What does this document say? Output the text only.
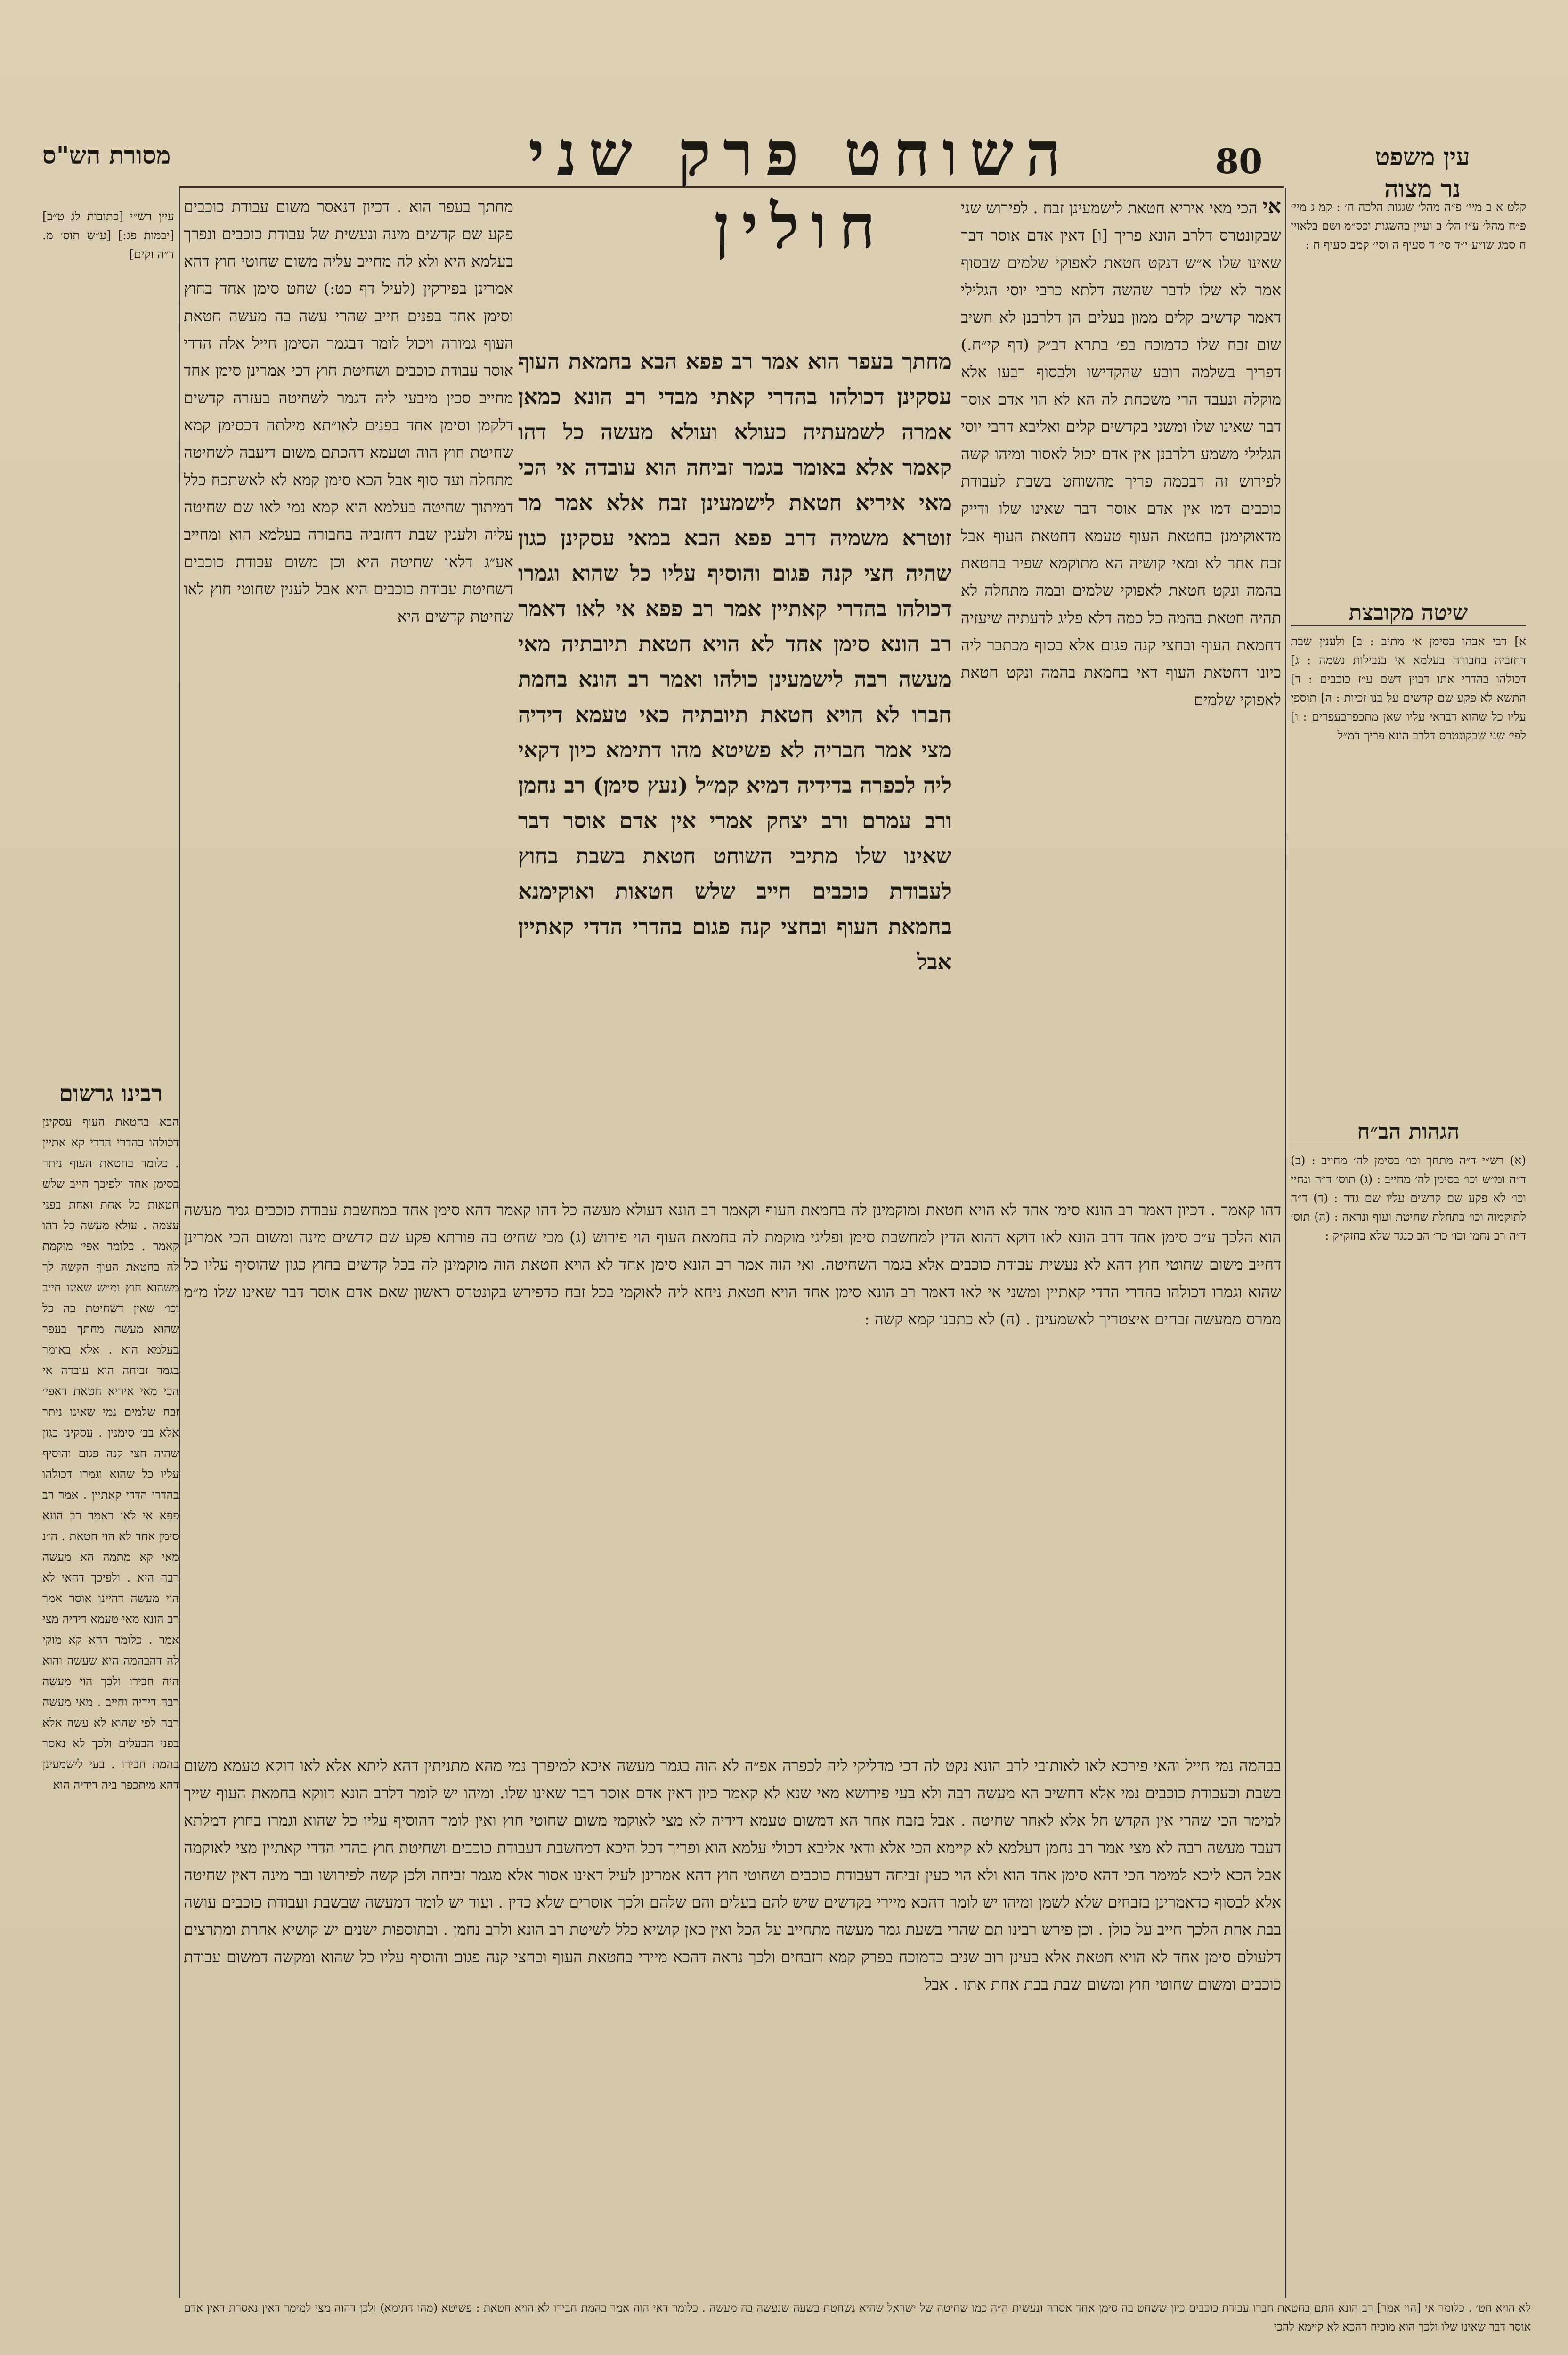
80
השוחט פרק שני חולין
מסורת הש"ס	עין משפט
נר מצוה
קלט א ב מיי׳ פ״ה מהל׳ שגגות הלכה ח׳ : קמ ג מיי׳ פ״ח מהל׳ ע״ז הל׳ ב ועיין בהשגות וכס״מ ושם בלאוין ח סמג שו״ע י״ד סי׳ ד סעיף ה וסי׳ קמב סעיף ח :
שיטה מקובצת
א] דבי אבהו בסימן א׳ מתיב : ב] ולענין שבת דחזביה בחבורה בעלמא אי בנבילות נשמה : ג] דכולהו בהדרי אתו דבוין דשם ע״ז כוכבים : ד] התשא לא פקע שם קדשים על בנו זכיות : ה] תוספי עליו כל שהוא דבראי עליו שאן מתכפרבעפרים : ו] לפי׳ שני שבקונטרס דלרב הונא פריך דמ״ל
הגהות הב״ח
(א) רש״י ד״ה מתחך וכו׳ בסימן לה׳ מחייב : (ב) ד״ה ומ״ש וכו׳ בסימן לה׳ מחייב : (ג) תוס׳ ד״ה ונחיי וכו׳ לא פקע שם קדשים עליו שם גדר : (ד) ד״ה לתוקמוה וכו׳ בתחלת שחיטת ועוף ונראה : (ה) תוס׳ ד״ה רב נחמן וכו׳ כר׳ הב כנגד שלא בחזק״ק :
עיין רש״י [כתובות לג ט״ב] [יבמות פג:] [ע״ש תוס׳ מ. ד״ה וקים]
מחתך בעפר הוא . דכיון דנאסר משום עבודת כוכבים פקע שם קדשים מינה ונעשית של עבודת כוכבים ונפרך בעלמא היא ולא לה מחייב עליה משום שחוטי חוץ דהא אמרינן בפירקין (לעיל דף כט:) שחט סימן אחד בחוץ וסימן אחד בפנים חייב שהרי עשה בה מעשה חטאת העוף גמורה ויכול לומר דבגמר הסימן חייל אלה הדדי אוסר עבודת כוכבים ושחיטת חוץ דכי אמרינן סימן אחד מחייב סכין מיבעי ליה דגמר לשחיטה בעזרה קדשים דלקמן וסימן אחד בפנים לאו״תא מילתה דכסימן קמא שחיטת חוץ הוה וטעמא דהכתם משום דיעבה לשחיטה מתחלה ועד סוף אבל הכא סימן קמא לא לאשתכח כלל דמיתוך שחיטה בעלמא הוא קמא נמי לאו שם שחיטה עליה ולענין שבת דחזביה בחבורה בעלמא הוא ומחייב אע״ג דלאו שחיטה היא וכן משום עבודת כוכבים דשחיטת עבודת כוכבים היא אבל לענין שחוטי חוץ לאו שחיטת קדשים היא
אי הכי מאי איריא חטאת לישמעינן זבח . לפירוש שני שבקונטרס דלרב הונא פריך [ו] דאין אדם אוסר דבר שאינו שלו א״ש דנקט חטאת לאפוקי שלמים שבסוף אמר לא שלו לדבר שהשה דלתא כרבי יוסי הגלילי דאמר קדשים קלים ממון בעלים הן דלרבנן לא חשיב שום זבח שלו כדמוכח בפ׳ בתרא דב״ק (דף קי״ח.) דפריך בשלמה רובע שהקדישו ולבסוף רבעו אלא מוקלה ונעבד הרי משכחת לה הא לא הוי אדם אוסר דבר שאינו שלו ומשני בקדשים קלים ואליבא דרבי יוסי הגלילי משמע דלרבנן אין אדם יכול לאסור ומיהו קשה לפירוש זה דבכמה פריך מהשוחט בשבת לעבודת כוכבים דמו אין אדם אוסר דבר שאינו שלו ודייק מדאוקימנן בחטאת העוף טעמא דחטאת העוף אבל זבח אחר לא ומאי קושיה הא מתוקמא שפיר בחטאת בהמה ונקט חטאת לאפוקי שלמים ובמה מתחלה לא תהיה חטאת בהמה כל כמה דלא פליג לדעתיה שיעזיה דחמאת העוף ובחצי קנה פגום אלא בסוף מכתבר ליה כיונו דחטאת העוף דאי בחמאת בהמה ונקט חטאת לאפוקי שלמים
מחתך בעפר הוא אמר רב פפא הבא בחמאת העוף עסקינן דכולהו בהדרי קאתי מבדי רב הונא כמאן אמרה לשמעתיה כעולא ועולא מעשה כל דהו קאמר אלא באומר בגמר זביחה הוא עובדה אי הכי מאי איריא חטאת לישמעינן זבח אלא אמר מר זוטרא משמיה דרב פפא הבא במאי עסקינן כגון שהיה חצי קנה פגום והוסיף עליו כל שהוא וגמרו דכולהו בהדרי קאתיין אמר רב פפא אי לאו דאמר רב הונא סימן אחד לא הויא חטאת תיובתיה מאי מעשה רבה לישמעינן כולהו ואמר רב הונא בחמת חברו לא הויא חטאת תיובתיה כאי טעמא דידיה מצי אמר חבריה לא פשיטא מהו דתימא כיון דקאי ליה לכפרה בדידיה דמיא קמ״ל (נעץ סימן) רב נחמן ורב עמרם ורב יצחק אמרי אין אדם אוסר דבר שאינו שלו מתיבי השוחט חטאת בשבת בחוץ לעבודת כוכבים חייב שלש חטאות ואוקימנא בחמאת העוף ובחצי קנה פגום בהדרי הדדי קאתיין אבל
דהו קאמר . דכיון דאמר רב הונא סימן אחד לא הויא חטאת ומוקמינן לה בחמאת העוף וקאמר רב הונא דעולא מעשה כל דהו קאמר דהא סימן אחד במחשבת עבודת כוכבים גמר מעשה הוא הלכך ע״כ סימן אחד דרב הונא לאו דוקא דהוא הדין למחשבת סימן ופליגי מוקמת לה בחמאת העוף הוי פירוש (ג) מכי שחיט בה פורתא פקע שם קדשים מינה ומשום הכי אמרינן דחייב משום שחוטי חוץ דהא לא נעשית עבודת כוכבים אלא בגמר השחיטה. ואי הוה אמר רב הונא סימן אחד לא הויא חטאת הוה מוקמינן לה בכל קדשים בחוץ כגון שהוסיף עליו כל שהוא וגמרו דכולהו בהדרי הדדי קאתיין ומשני אי לאו דאמר רב הונא סימן אחד הויא חטאת ניחא ליה לאוקמי בכל זבח כדפירש בקונטרס ראשון שאם אדם אוסר דבר שאינו שלו מ״מ ממרס ממעשה זבחים איצטריך לאשמעינן . (ה) לא כתבנו קמא קשה :
בבהמה נמי חייל והאי פירכא לאו לאותובי לרב הונא נקט לה דכי מדליקי ליה לכפרה אפ״ה לא הוה בגמר מעשה איכא למיפרך נמי מהא מתניתין דהא ליתא אלא לאו דוקא טעמא משום בשבת ובעבודת כוכבים נמי אלא דחשיב הא מעשה רבה ולא בעי פירושא מאי שנא לא קאמר כיון דאין אדם אוסר דבר שאינו שלו. ומיהו יש לומר דלרב הונא דווקא בחמאת העוף שייך למימר הכי שהרי אין הקדש חל אלא לאחר שחיטה . אבל בזבח אחר הא דמשום טעמא דידיה לא מצי לאוקמי משום שחוטי חוץ ואין לומר דהוסיף עליו כל שהוא וגמרו בחוץ דמלתא דעבד מעשה רבה לא מצי אמר רב נחמן דעלמא לא קיימא הכי אלא ודאי אליבא דכולי עלמא הוא ופריך דכל היכא דמחשבת דעבודת כוכבים ושחיטת חוץ בהדי הדדי קאתיין מצי לאוקמה אבל הכא ליכא למימר הכי דהא סימן אחד הוא ולא הוי כעין זביחה דעבודת כוכבים ושחוטי חוץ דהא אמרינן לעיל דאינו אסור אלא מגמר זביחה ולכן קשה לפירושו ובר מינה דאין שחיטה אלא לבסוף כדאמרינן בזבחים שלא לשמן ומיהו יש לומר דהכא מיירי בקדשים שיש להם בעלים והם שלהם ולכך אוסרים שלא כדין . ועוד יש לומר דמעשה שבשבת ועבודת כוכבים עושה בבת אחת הלכך חייב על כולן . וכן פירש רבינו תם שהרי בשעת גמר מעשה מתחייב על הכל ואין כאן קושיא כלל לשיטת רב הונא ולרב נחמן . ובתוספות ישנים יש קושיא אחרת ומתרצים דלעולם סימן אחד לא הויא חטאת אלא בעינן רוב שנים כדמוכח בפרק קמא דזבחים ולכך נראה דהכא מיירי בחטאת העוף ובחצי קנה פגום והוסיף עליו כל שהוא ומקשה דמשום עבודת כוכבים ומשום שחוטי חוץ ומשום שבת בבת אחת אתו . אבל
רבינו גרשום
הבא בחטאת העוף עסקינן דכולהו בהדרי הדדי קא אתיין . כלומר בחטאת העוף ניתר בסימן אחד ולפיכך חייב שלש חטאות כל אחת ואחת בפני עצמה . עולא מעשה כל דהו קאמר . כלומר אפי׳ מוקמת לה בחטאת העוף הקשה לך משהוא חוץ ומ״ש שאינו חייב וכו׳ שאין דשחיטת בה כל שהוא מעשה מחתך בעפר בעלמא הוא . אלא באומר בגמר זביחה הוא עובדה אי הכי מאי איריא חטאת דאפי׳ זבח שלמים נמי שאינו ניתר אלא בב׳ סימנין . עסקינן כגון שהיה חצי קנה פגום והוסיף עליו כל שהוא וגמרו דכולהו בהדרי הדדי קאתיין . אמר רב פפא אי לאו דאמר רב הונא סימן אחד לא הוי חטאת . ה״נ מאי קא מתמה הא מעשה רבה היא . ולפיכך דהאי לא הוי מעשה דהיינו אוסר אמר רב הונא מאי טעמא דידיה מצי אמר . כלומר דהא קא מוקי לה דהבהמה היא שעשה והוא היה חבירו ולכך הוי מעשה רבה דידיה וחייב . מאי מעשה רבה לפי שהוא לא עשה אלא בפני הבעלים ולכך לא נאסר בהמת חבירו . בעי לישמעינן דהא מיתכפר ביה דידיה הוא
לא הויא חט׳ . כלומר אי [הוי אמר] רב הונא התם בחטאת חברו עבודת כוכבים כיון ששחט בה סימן אחד אסרה ונעשית ה״ה כמו שחיטה של ישראל שהיא נשחטת בשעה שנעשה בה מעשה . כלומר דאי הוה אמר בהמת חבירו לא הויא חטאת : פשיטא (מהו דתימא) ולכן דהוה מצי למימר דאין נאסרת דאין אדם אוסר דבר שאינו שלו ולכך הוא מוכיח דהכא לא קיימא להכי
